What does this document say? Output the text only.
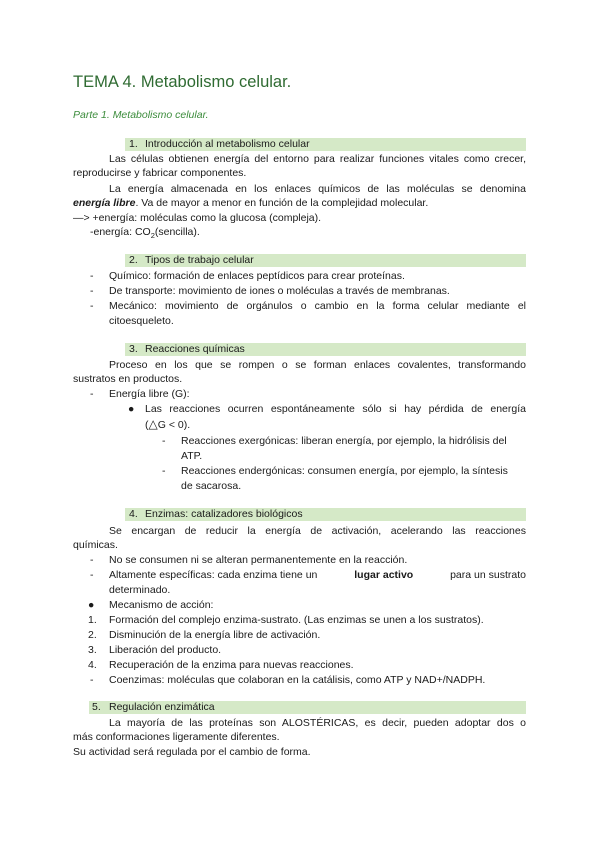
TEMA 4. Metabolismo celular.
Parte 1. Metabolismo celular.
1. Introducción al metabolismo celular
Las células obtienen energía del entorno para realizar funciones vitales como crecer,
reproducirse y fabricar componentes.
La energía almacenada en los enlaces químicos de las moléculas se denomina
energía libre. Va de mayor a menor en función de la complejidad molecular.
—> +energía: moléculas como la glucosa (compleja).
-energía: $CO_2(sencilla)$.
2. Tipos de trabajo celular
- Químico: formación de enlaces peptídicos para crear proteínas.
- De transporte: movimiento de iones o moléculas a través de membranas.
- Mecánico: movimiento de orgánulos o cambio en la forma celular mediante el
citoesqueleto.
3. Reacciones químicas
Proceso en los que se rompen o se forman enlaces covalentes, transformando
sustratos en productos.
- Energía libre (G):
● Las reacciones ocurren espontáneamente sólo si hay pérdida de energía
(△G < 0).
- Reacciones exergónicas: liberan energía, por ejemplo, la hidrólisis del
ATP.
- Reacciones endergónicas: consumen energía, por ejemplo, la síntesis
de sacarosa.
4. Enzimas: catalizadores biológicos
Se encargan de reducir la energía de activación, acelerando las reacciones
químicas.
- No se consumen ni se alteran permanentemente en la reacción.
- Altamente específicas: cada enzima tiene un	lugar activo	para un sustrato
determinado.
● Mecanismo de acción:
1. Formación del complejo enzima-sustrato. (Las enzimas se unen a los sustratos).
2. Disminución de la energía libre de activación.
3. Liberación del producto.
4. Recuperación de la enzima para nuevas reacciones.
- Coenzimas: moléculas que colaboran en la catálisis, como ATP y NAD+/NADPH.
5. Regulación enzimática
La mayoría de las proteínas son ALOSTÉRICAS, es decir, pueden adoptar dos o
más conformaciones ligeramente diferentes.
Su actividad será regulada por el cambio de forma.
